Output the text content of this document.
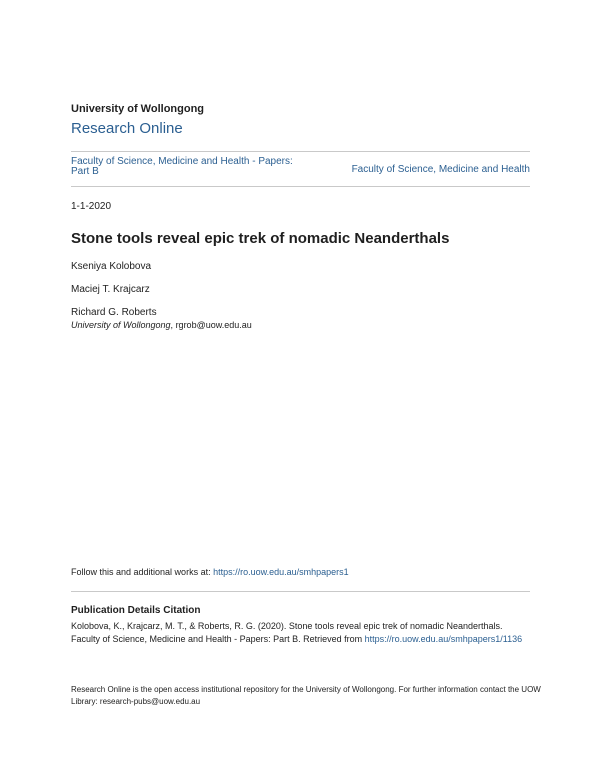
University of Wollongong
Research Online
Faculty of Science, Medicine and Health - Papers: Part B	Faculty of Science, Medicine and Health
1-1-2020
Stone tools reveal epic trek of nomadic Neanderthals
Kseniya Kolobova
Maciej T. Krajcarz
Richard G. Roberts
University of Wollongong, rgrob@uow.edu.au
Follow this and additional works at: https://ro.uow.edu.au/smhpapers1
Publication Details Citation
Kolobova, K., Krajcarz, M. T., & Roberts, R. G. (2020). Stone tools reveal epic trek of nomadic Neanderthals. Faculty of Science, Medicine and Health - Papers: Part B. Retrieved from https://ro.uow.edu.au/smhpapers1/1136
Research Online is the open access institutional repository for the University of Wollongong. For further information contact the UOW Library: research-pubs@uow.edu.au
